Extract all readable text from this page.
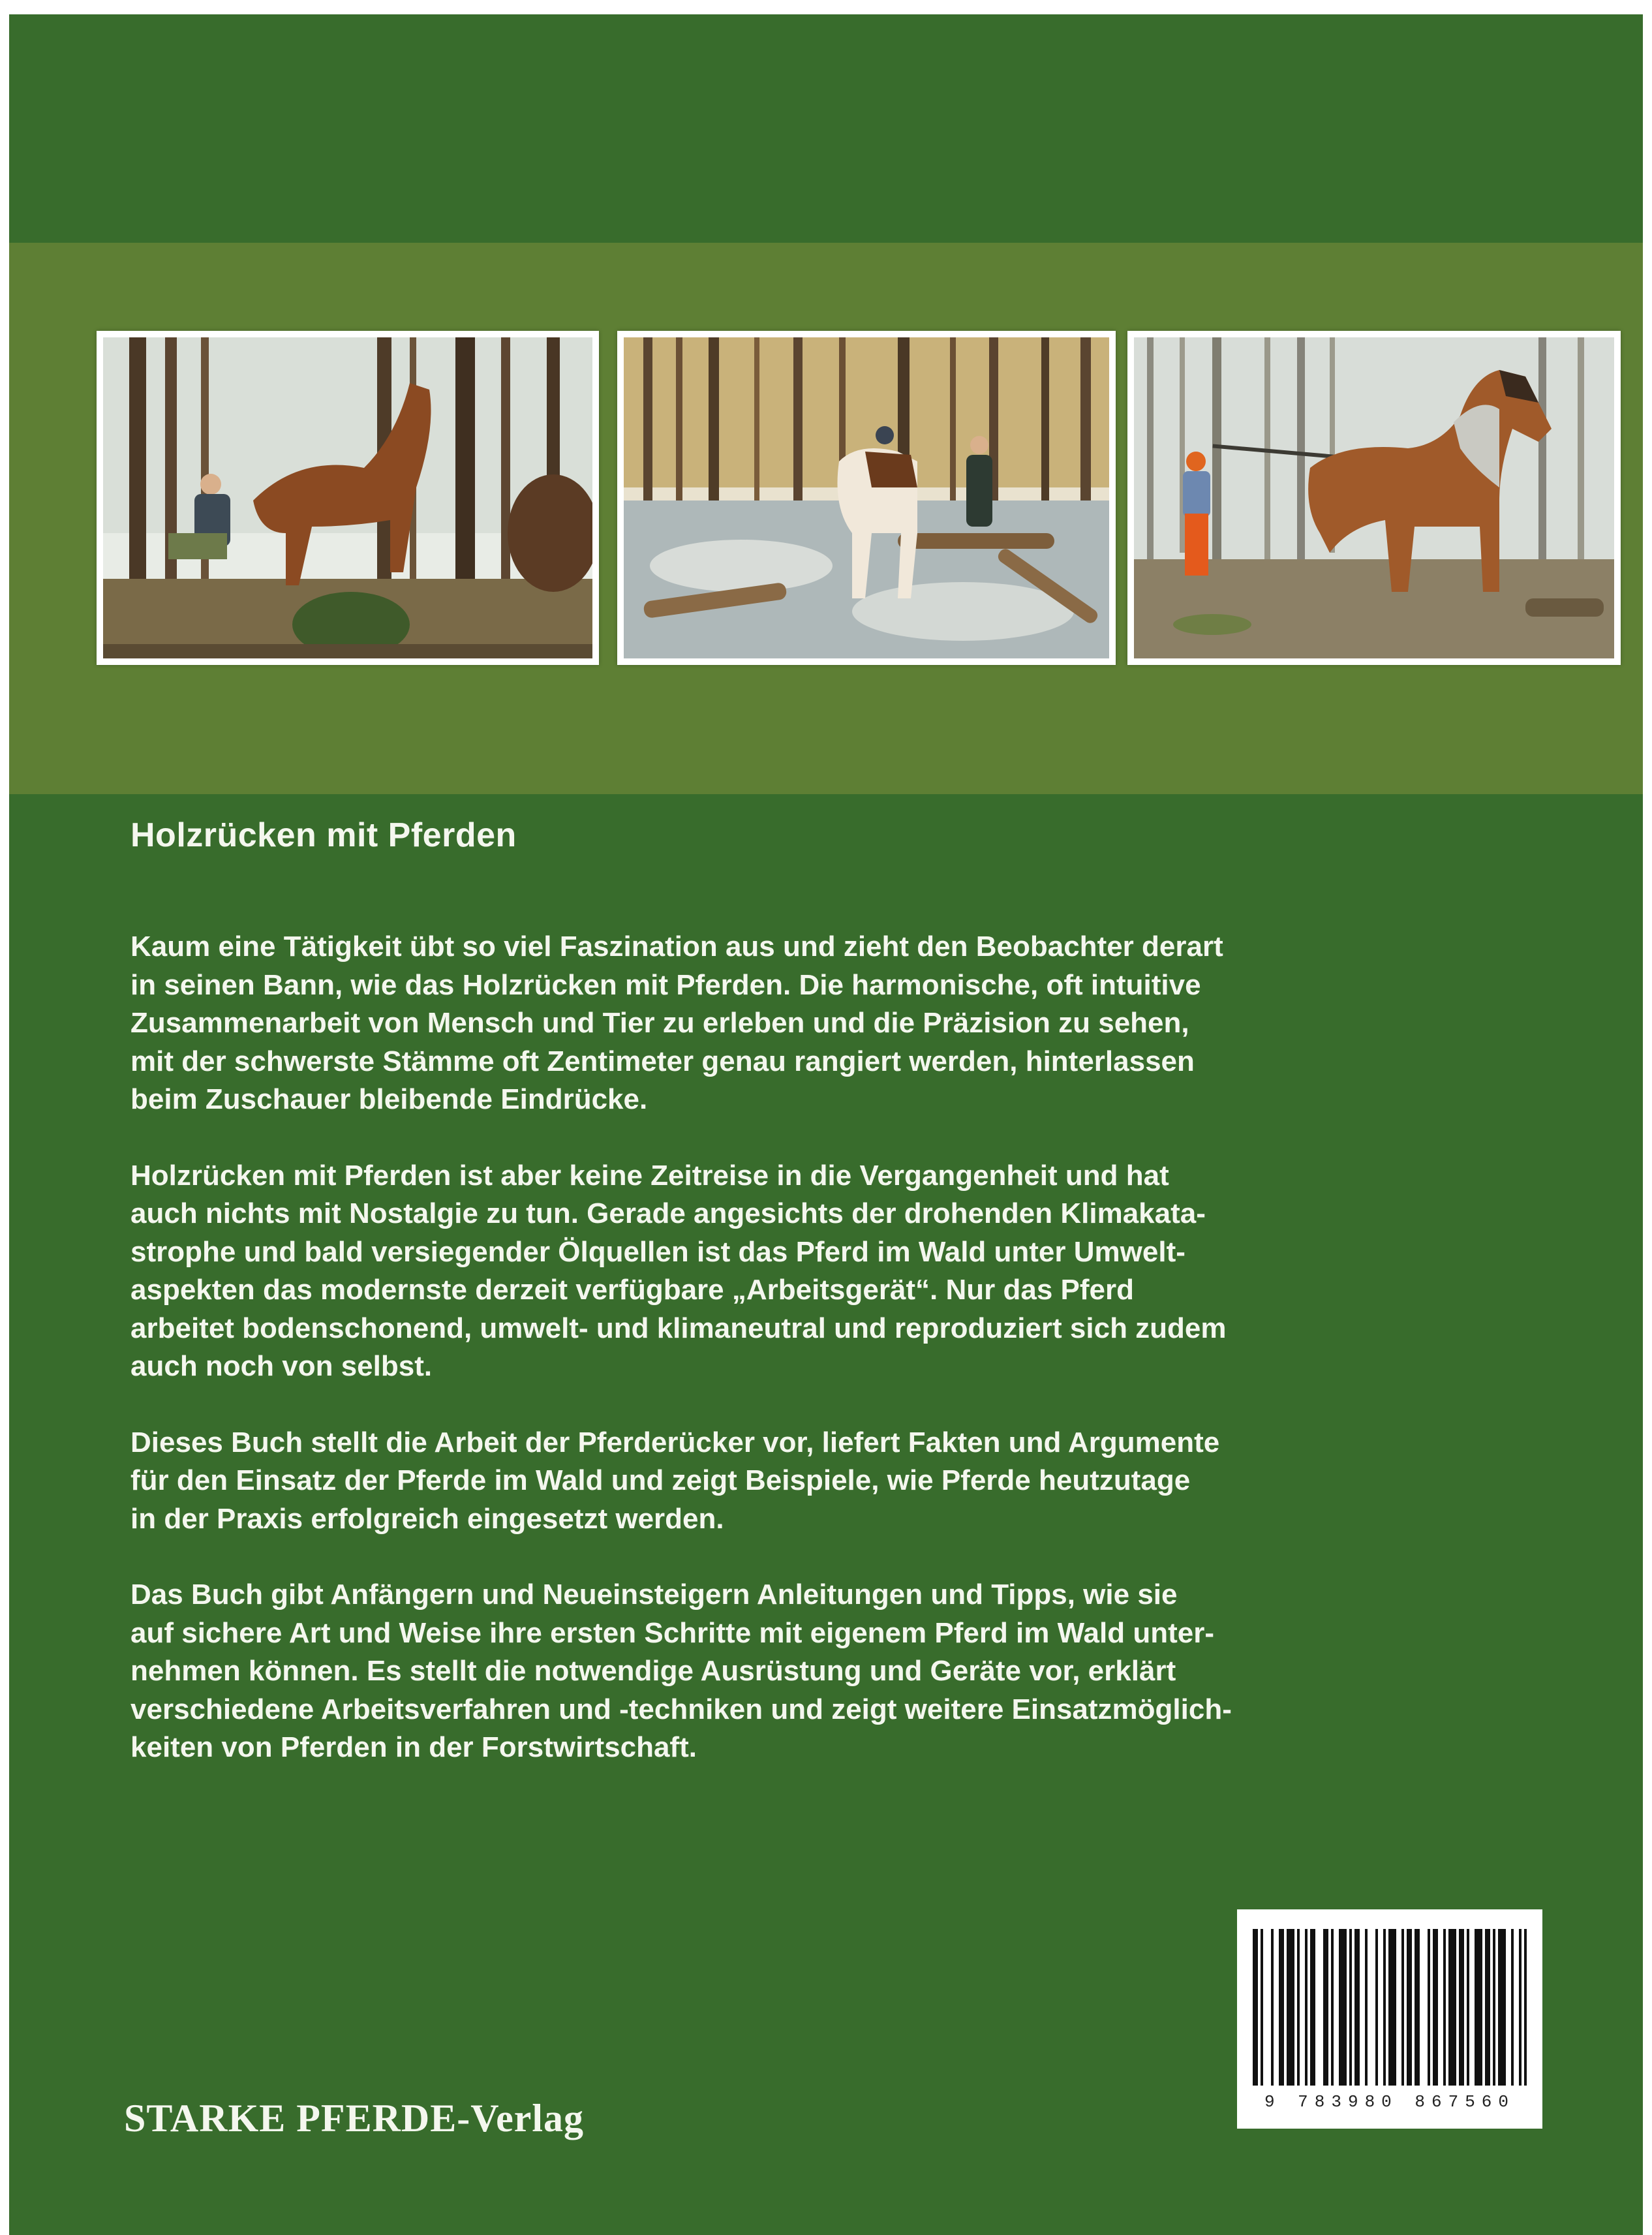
Holzrücken mit Pferden

Kaum eine Tätigkeit übt so viel Faszination aus und zieht den Beobachter derart
in seinen Bann, wie das Holzrücken mit Pferden. Die harmonische, oft intuitive
Zusammenarbeit von Mensch und Tier zu erleben und die Präzision zu sehen,
mit der schwerste Stämme oft Zentimeter genau rangiert werden, hinterlassen
beim Zuschauer bleibende Eindrücke.

Holzrücken mit Pferden ist aber keine Zeitreise in die Vergangenheit und hat
auch nichts mit Nostalgie zu tun. Gerade angesichts der drohenden Klimakata-
strophe und bald versiegender Ölquellen ist das Pferd im Wald unter Umwelt-
aspekten das modernste derzeit verfügbare „Arbeitsgerät“. Nur das Pferd
arbeitet bodenschonend, umwelt- und klimaneutral und reproduziert sich zudem
auch noch von selbst.

Dieses Buch stellt die Arbeit der Pferderücker vor, liefert Fakten und Argumente
für den Einsatz der Pferde im Wald und zeigt Beispiele, wie Pferde heutzutage
in der Praxis erfolgreich eingesetzt werden.

Das Buch gibt Anfängern und Neueinsteigern Anleitungen und Tipps, wie sie
auf sichere Art und Weise ihre ersten Schritte mit eigenem Pferd im Wald unter-
nehmen können. Es stellt die notwendige Ausrüstung und Geräte vor, erklärt
verschiedene Arbeitsverfahren und -techniken und zeigt weitere Einsatzmöglich-
keiten von Pferden in der Forstwirtschaft.

9 783980 867560
STARKE PFERDE-Verlag
